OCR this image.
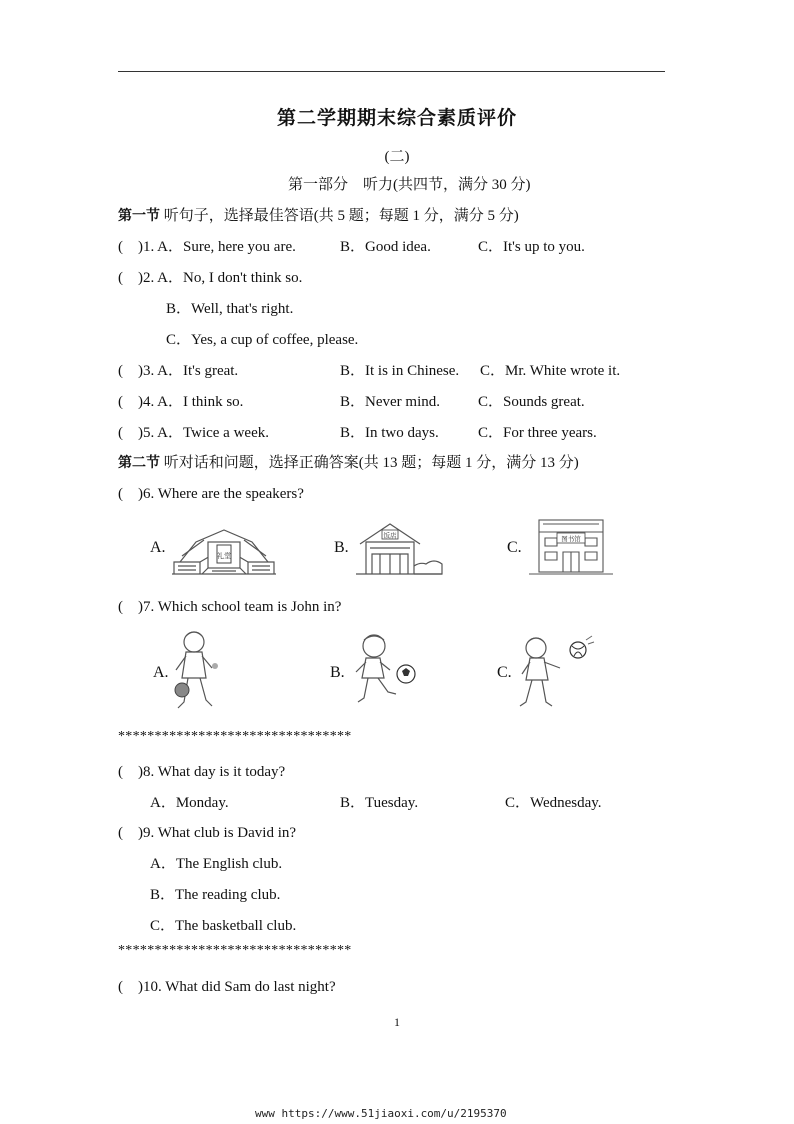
第二学期期末综合素质评价
(二)
第一部分　听力(共四节，满分 30 分)
第一节 听句子，选择最佳答语(共 5 题；每题 1 分，满分 5 分)
(　)1. A．Sure, here you are.	B．Good idea.	C．It's up to you.
(　)2. A．No, I don't think so.
B．Well, that's right.
C．Yes, a cup of coffee, please.
(　)3. A．It's great.	B．It is in Chinese. C．Mr. White wrote it.
(　)4. A．I think so.	B．Never mind.	C．Sounds great.
(　)5. A．Twice a week.	B．In two days.	C．For three years.
第二节 听对话和问题，选择正确答案(共 13 题；每题 1 分，满分 13 分)
(　)6. Where are the speakers?
A.	礼堂	B.
饭店
C.	图书馆
(　)7. Which school team is John in?
A.	B.	C.
********************************
(　)8. What day is it today?
A．Monday.	B．Tuesday.	C．Wednesday.
(　)9. What club is David in?
A．The English club.
B．The reading club.
C．The basketball club.
********************************
(　)10. What did Sam do last night?
1
www https://www.51jiaoxi.com/u/2195370
